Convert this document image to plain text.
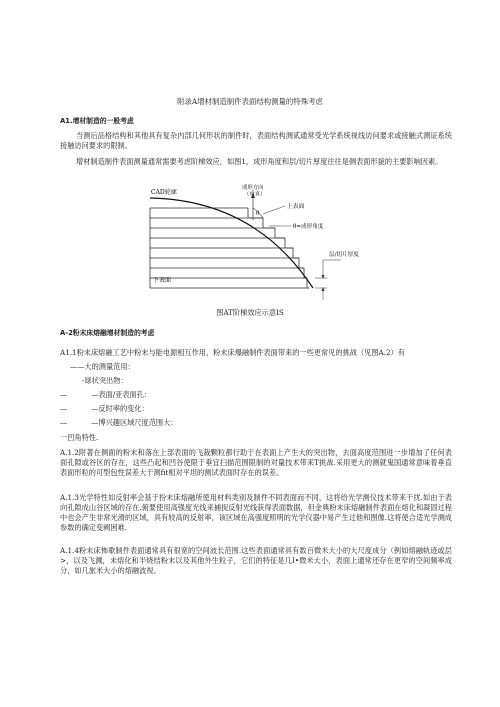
附录A增材制造制件表面结构测量的特殊考虑
A1.增材制造的一般考虑
当测后品格结构和其他具有复杂内部几何形状的制件时，表面结构测贰通常受光学系统视线访问要求或接触式测证系统接触访问要求的限制。
增材制造制件表面测量通常需要考虑阶梯效应，如图1，成形角度和层/切片厚度往往是侧表面形貌的主要影响因素。
CAD轮廓
成形方向 （垂直）
上表面
θ
θ=成形角度
层/切片厚度
下表面
图AT阶梯效应示意IS
A-2粉末床熔融增材制造的考虑
A1.1粉末床熔融工艺中粉末与能电源相互作用，粉末床爆融制件表面带来的一些更常见的挑战（见图A.2）有
——大的测量范用：
-球状突出物：
—	—表面/亚表面孔：
—	—反时率的变化：
—	—博兴趣区域尺度范围大：
一凹角特性.
A.1.2附著在侧面的粉末和落在上部表面的飞裁颗粒都行助于在表面上产生大的突出物，去面高度范围进一步增加了任何表面孔隙或谷区的存在，这些凸起和凹谷使限于垂宜扫描范围限制的对量技术带来T挑战.采用更大的测就鬼国通常意味着垂直表面形粒的可型包性误差大于测fit相对平坦的测试表面时存在的误差。
A.1.3光学特性如反射率会基于扮末床熔融所使用材料类别及制件不同表面而不同，这将给光学测仪技术带来干扰.如由于表向孔隙成山谷区域的存在.俯要使用高强度光线来捕捉反射光线获得表面数据，但金典粉末床熔融制件表面在熔化和凝固过程中也会产生非常光滑的区域，具有较高的反射率，该区域在高强度照明的光学仪器中易产生过他和图像.这将使合适光学测成参数的确定变阙困难.
A.1.4粉末床怖歌制件表面通常具有很宽的空间波长范围.这些表面通常具有数百微米大小的大尺度成分（例如熔融轨迹或层>，以及飞溅，未熔化和半烧结粉末以及其他外生粒子，它们的特征是几I•微米大小，表面上通常还存在更窄的空间频率成分，如几旅米大小的熔融波视。
